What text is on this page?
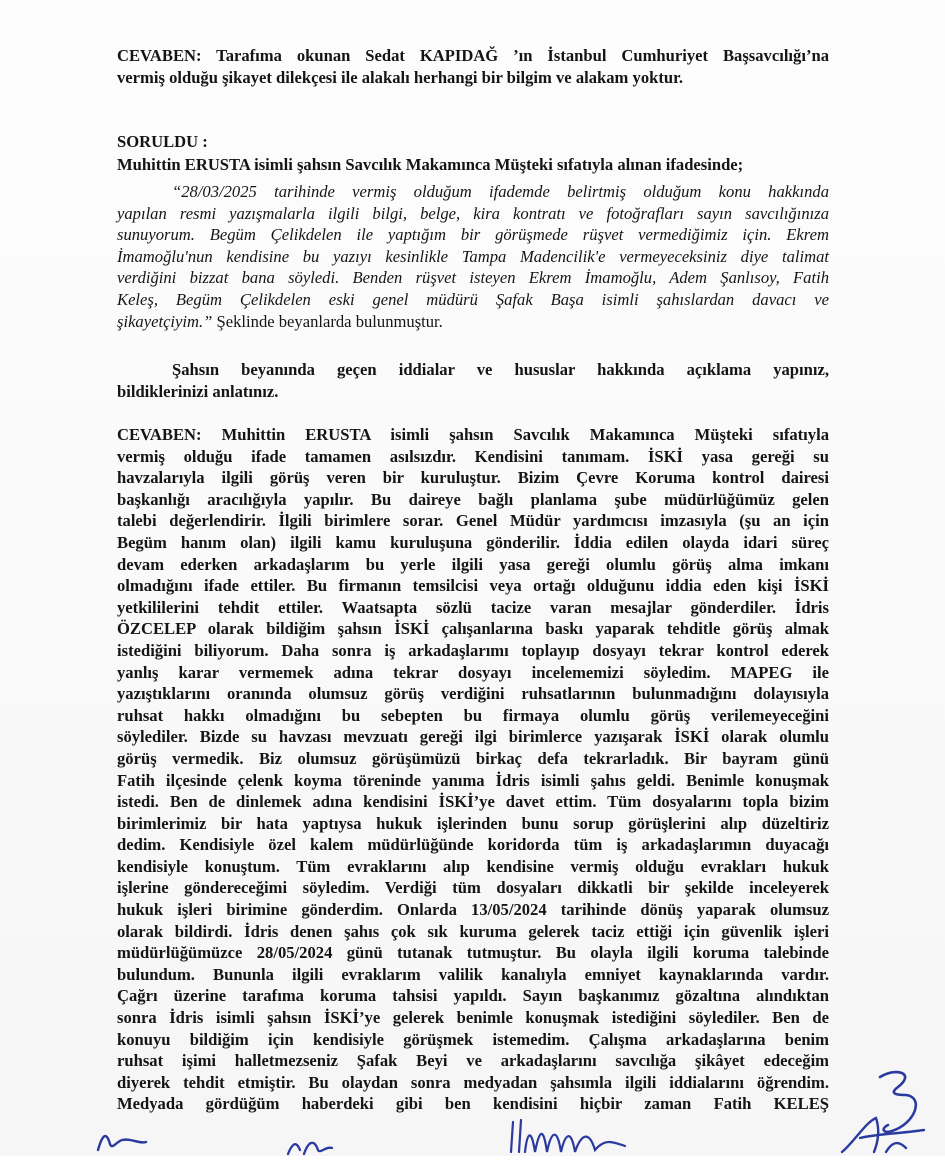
CEVABEN: Tarafıma okunan Sedat KAPIDAĞ ’ın İstanbul Cumhuriyet Başsavcılığı’na
vermiş olduğu şikayet dilekçesi ile alakalı herhangi bir bilgim ve alakam yoktur.
SORULDU :
Muhittin ERUSTA isimli şahsın Savcılık Makamınca Müşteki sıfatıyla alınan ifadesinde;
“28/03/2025 tarihinde vermiş olduğum ifademde belirtmiş olduğum konu hakkında
yapılan resmi yazışmalarla ilgili bilgi, belge, kira kontratı ve fotoğrafları sayın savcılığınıza
sunuyorum. Begüm Çelikdelen ile yaptığım bir görüşmede rüşvet vermediğimiz için. Ekrem
İmamoğlu'nun kendisine bu yazıyı kesinlikle Tampa Madencilik'e vermeyeceksiniz diye talimat
verdiğini bizzat bana söyledi. Benden rüşvet isteyen Ekrem İmamoğlu, Adem Şanlısoy, Fatih
Keleş, Begüm Çelikdelen eski genel müdürü Şafak Başa isimli şahıslardan davacı ve
şikayetçiyim.” Şeklinde beyanlarda bulunmuştur.
Şahsın beyanında geçen iddialar ve hususlar hakkında açıklama yapınız,
bildiklerinizi anlatınız.
CEVABEN: Muhittin ERUSTA isimli şahsın Savcılık Makamınca Müşteki sıfatıyla
vermiş olduğu ifade tamamen asılsızdır. Kendisini tanımam. İSKİ yasa gereği su
havzalarıyla ilgili görüş veren bir kuruluştur. Bizim Çevre Koruma kontrol dairesi
başkanlığı aracılığıyla yapılır. Bu daireye bağlı planlama şube müdürlüğümüz gelen
talebi değerlendirir. İlgili birimlere sorar. Genel Müdür yardımcısı imzasıyla (şu an için
Begüm hanım olan) ilgili kamu kuruluşuna gönderilir. İddia edilen olayda idari süreç
devam ederken arkadaşlarım bu yerle ilgili yasa gereği olumlu görüş alma imkanı
olmadığını ifade ettiler. Bu firmanın temsilcisi veya ortağı olduğunu iddia eden kişi İSKİ
yetkililerini tehdit ettiler. Waatsapta sözlü tacize varan mesajlar gönderdiler. İdris
ÖZCELEP olarak bildiğim şahsın İSKİ çalışanlarına baskı yaparak tehditle görüş almak
istediğini biliyorum. Daha sonra iş arkadaşlarımı toplayıp dosyayı tekrar kontrol ederek
yanlış karar vermemek adına tekrar dosyayı incelememizi söyledim. MAPEG ile
yazıştıklarını oranında olumsuz görüş verdiğini ruhsatlarının bulunmadığını dolayısıyla
ruhsat hakkı olmadığını bu sebepten bu firmaya olumlu görüş verilemeyeceğini
söylediler. Bizde su havzası mevzuatı gereği ilgi birimlerce yazışarak İSKİ olarak olumlu
görüş vermedik. Biz olumsuz görüşümüzü birkaç defa tekrarladık. Bir bayram günü
Fatih ilçesinde çelenk koyma töreninde yanıma İdris isimli şahıs geldi. Benimle konuşmak
istedi. Ben de dinlemek adına kendisini İSKİ’ye davet ettim. Tüm dosyalarını topla bizim
birimlerimiz bir hata yaptıysa hukuk işlerinden bunu sorup görüşlerini alıp düzeltiriz
dedim. Kendisiyle özel kalem müdürlüğünde koridorda tüm iş arkadaşlarımın duyacağı
kendisiyle konuştum. Tüm evraklarını alıp kendisine vermiş olduğu evrakları hukuk
işlerine göndereceğimi söyledim. Verdiği tüm dosyaları dikkatli bir şekilde inceleyerek
hukuk işleri birimine gönderdim. Onlarda 13/05/2024 tarihinde dönüş yaparak olumsuz
olarak bildirdi. İdris denen şahıs çok sık kuruma gelerek taciz ettiği için güvenlik işleri
müdürlüğümüzce 28/05/2024 günü tutanak tutmuştur. Bu olayla ilgili koruma talebinde
bulundum. Bununla ilgili evraklarım valilik kanalıyla emniyet kaynaklarında vardır.
Çağrı üzerine tarafıma koruma tahsisi yapıldı. Sayın başkanımız gözaltına alındıktan
sonra İdris isimli şahsın İSKİ’ye gelerek benimle konuşmak istediğini söylediler. Ben de
konuyu bildiğim için kendisiyle görüşmek istemedim. Çalışma arkadaşlarına benim
ruhsat işimi halletmezseniz Şafak Beyi ve arkadaşlarını savcılığa şikâyet edeceğim
diyerek tehdit etmiştir. Bu olaydan sonra medyadan şahsımla ilgili iddialarını öğrendim.
Medyada gördüğüm haberdeki gibi ben kendisini hiçbir zaman Fatih KELEŞ
